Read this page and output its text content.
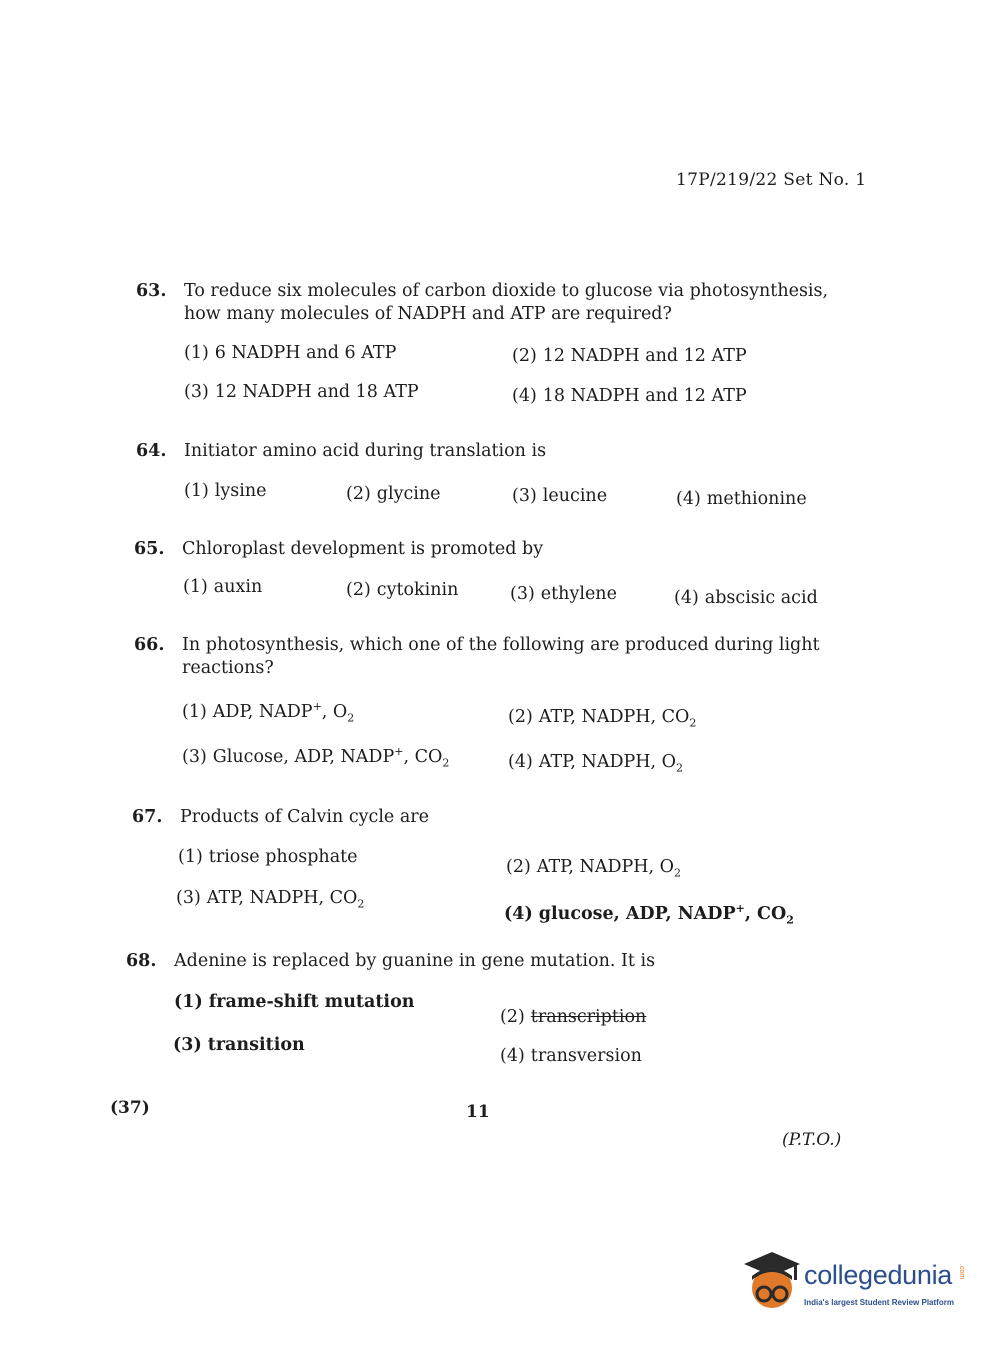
17P/219/22 Set No. 1
63. To reduce six molecules of carbon dioxide to glucose via photosynthesis, how many molecules of NADPH and ATP are required?
(1) 6 NADPH and 6 ATP	(2) 12 NADPH and 12 ATP
(3) 12 NADPH and 18 ATP	(4) 18 NADPH and 12 ATP
64. Initiator amino acid during translation is
(1) lysine	(2) glycine	(3) leucine	(4) methionine
65. Chloroplast development is promoted by
(1) auxin	(2) cytokinin	(3) ethylene	(4) abscisic acid
66. In photosynthesis, which one of the following are produced during light reactions?
(1) ADP, NADP+, $O_2$	(2) ATP, NADPH, $CO_2$
(3) Glucose, ADP, NADP+, $CO_2$	(4) ATP, NADPH, $O_2$
67. Products of Calvin cycle are
(1) triose phosphate	(2) ATP, NADPH, $O_2$
(3) ATP, NADPH, $CO_2$	(4) glucose, ADP, NADP+, $CO_2$
68. Adenine is replaced by guanine in gene mutation. It is
(1) frame-shift mutation
(2) transcription
(3) transition
(4) transversion
(37)	11
(P.T.O.)
collegedunia .com
India's largest Student Review Platform
